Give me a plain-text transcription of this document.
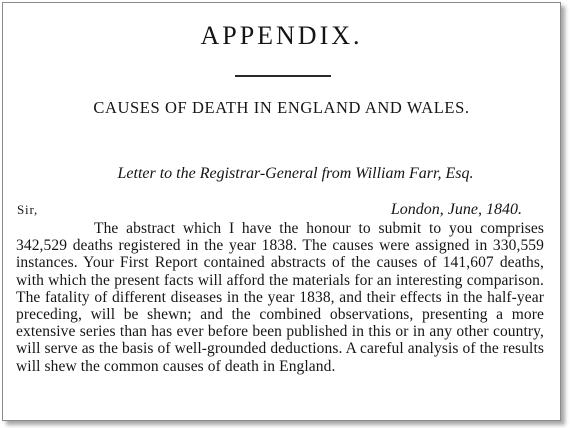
APPENDIX.
CAUSES OF DEATH IN ENGLAND AND WALES.
Letter to the Registrar-General from William Farr, Esq.
Sir,	London, June, 1840.

The abstract which I have the honour to submit to you comprises 342,529 deaths registered in the year 1838. The causes were assigned in 330,559 instances. Your First Report contained abstracts of the causes of 141,607 deaths, with which the present facts will afford the materials for an interesting comparison. The fatality of different diseases in the year 1838, and their effects in the half-year preceding, will be shewn; and the combined observations, presenting a more extensive series than has ever before been published in this or in any other country, will serve as the basis of well-grounded deductions. A careful analysis of the results will shew the common causes of death in England.
